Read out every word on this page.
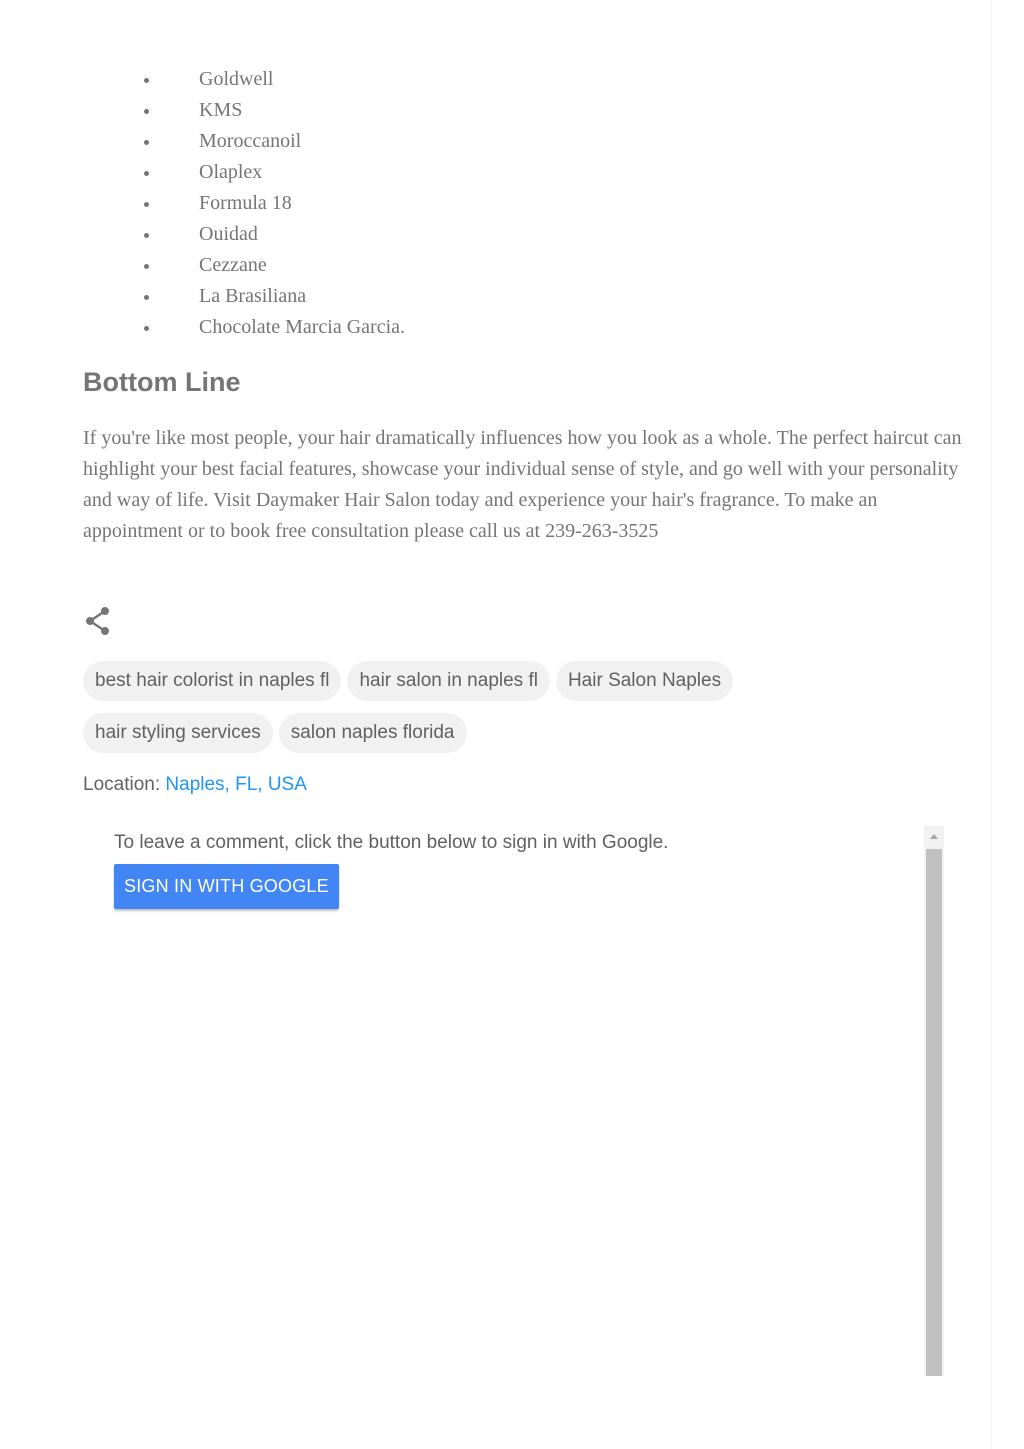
Goldwell
KMS
Moroccanoil
Olaplex
Formula 18
Ouidad
Cezzane
La Brasiliana
Chocolate Marcia Garcia.
Bottom Line

If you're like most people, your hair dramatically influences how you look as a whole. The perfect haircut can highlight your best facial features, showcase your individual sense of style, and go well with your personality and way of life. Visit Daymaker Hair Salon today and experience your hair's fragrance. To make an appointment or to book free consultation please call us at 239-263-3525

best hair colorist in naples fl hair salon in naples fl Hair Salon Napleshair styling services salon naples florida
Location: Naples, FL, USA

To leave a comment, click the button below to sign in with Google.

SIGN IN WITH GOOGLE
